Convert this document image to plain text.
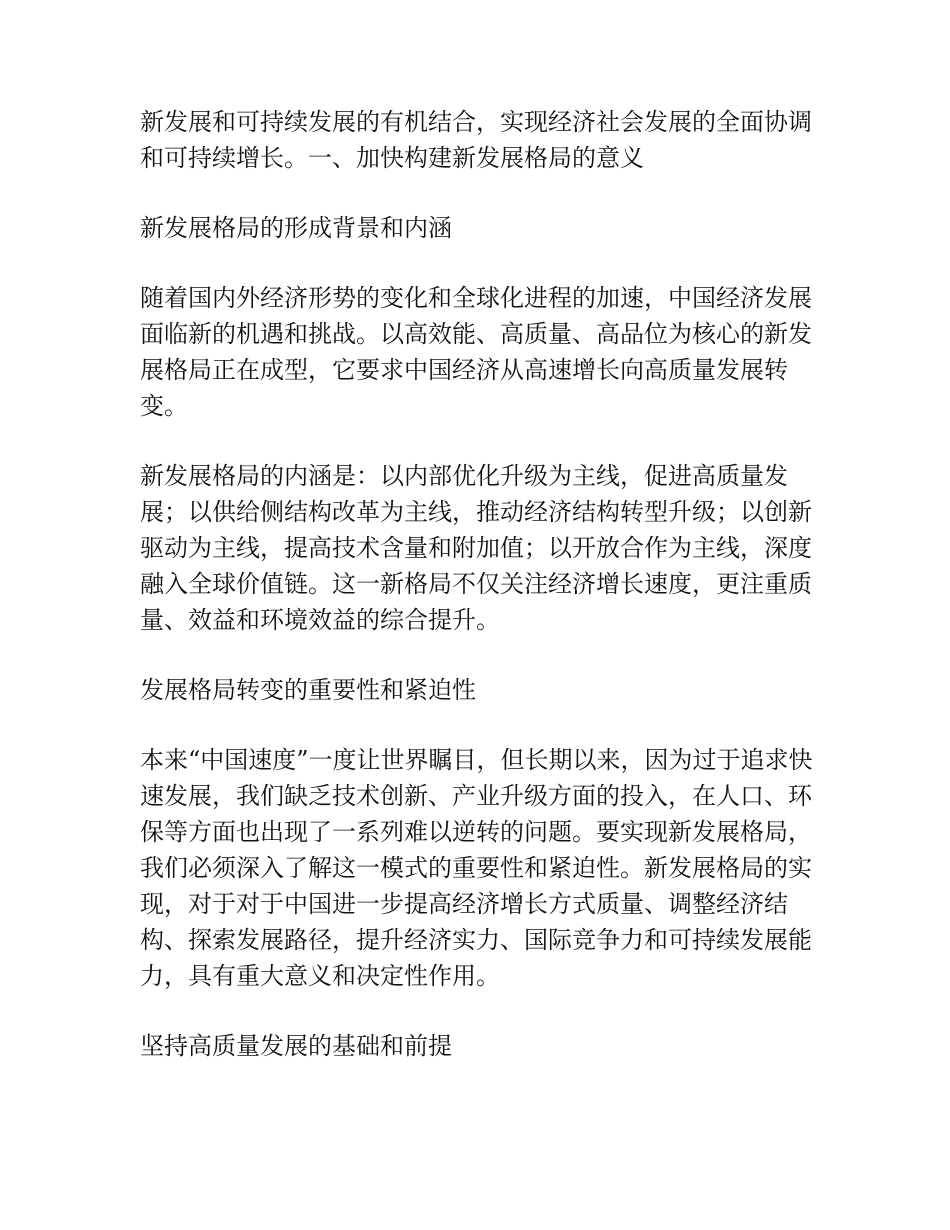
新发展和可持续发展的有机结合，实现经济社会发展的全面协调和可持续增长。一、加快构建新发展格局的意义

新发展格局的形成背景和内涵

随着国内外经济形势的变化和全球化进程的加速，中国经济发展面临新的机遇和挑战。以高效能、高质量、高品位为核心的新发展格局正在成型，它要求中国经济从高速增长向高质量发展转变。

新发展格局的内涵是：以内部优化升级为主线，促进高质量发展；以供给侧结构改革为主线，推动经济结构转型升级；以创新驱动为主线，提高技术含量和附加值；以开放合作为主线，深度融入全球价值链。这一新格局不仅关注经济增长速度，更注重质量、效益和环境效益的综合提升。

发展格局转变的重要性和紧迫性

本来“中国速度”一度让世界瞩目，但长期以来，因为过于追求快速发展，我们缺乏技术创新、产业升级方面的投入，在人口、环保等方面也出现了一系列难以逆转的问题。要实现新发展格局，我们必须深入了解这一模式的重要性和紧迫性。新发展格局的实现，对于对于中国进一步提高经济增长方式质量、调整经济结构、探索发展路径，提升经济实力、国际竞争力和可持续发展能力，具有重大意义和决定性作用。

坚持高质量发展的基础和前提
